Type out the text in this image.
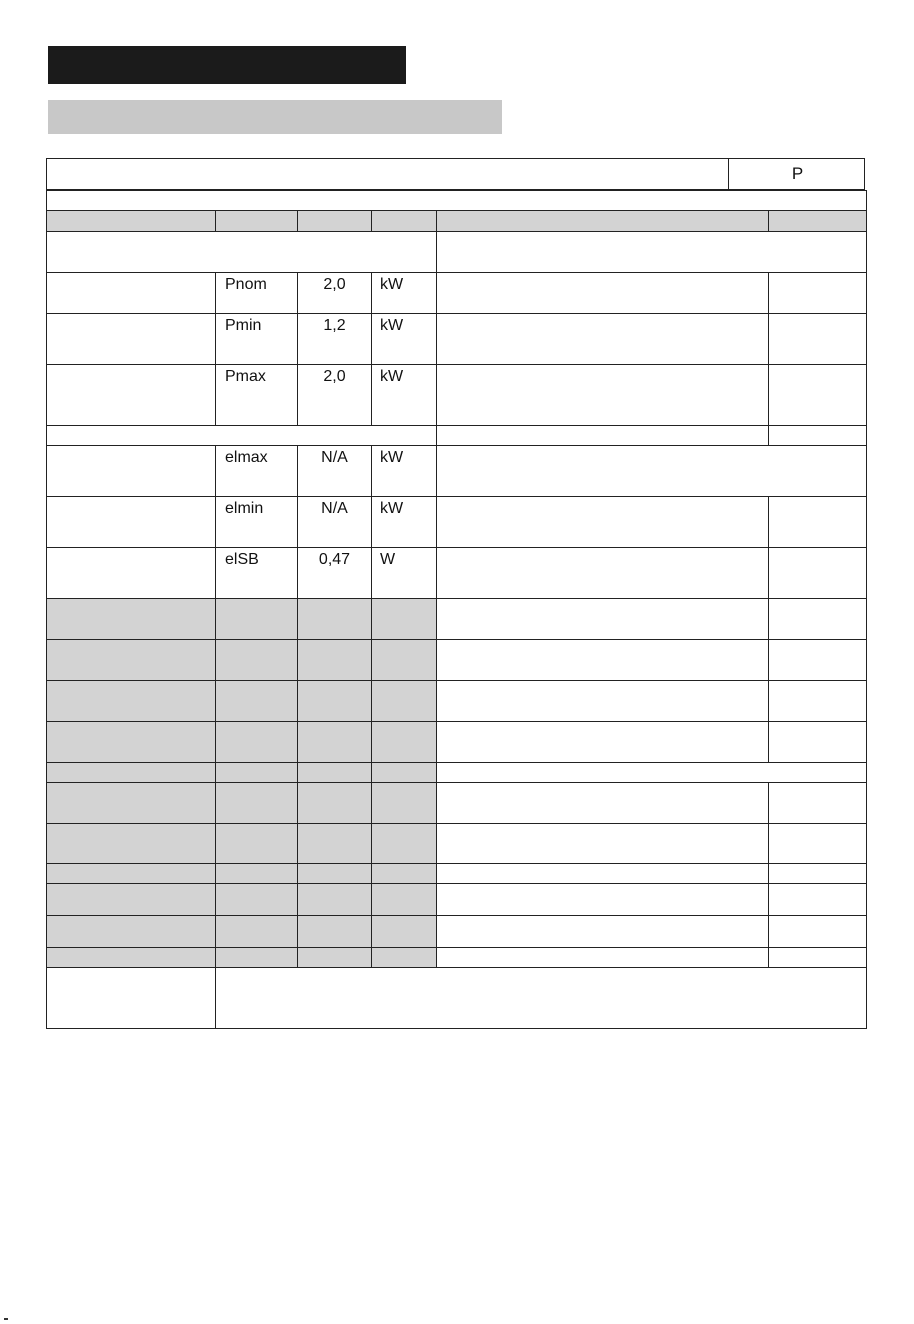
P

	Pnom	2,0	kW		
	Pmin	1,2	kW		
	Pmax	2,0	kW		

	elmax	N/A	kW		
	elmin	N/A	kW		
	elSB	0,47	W		
